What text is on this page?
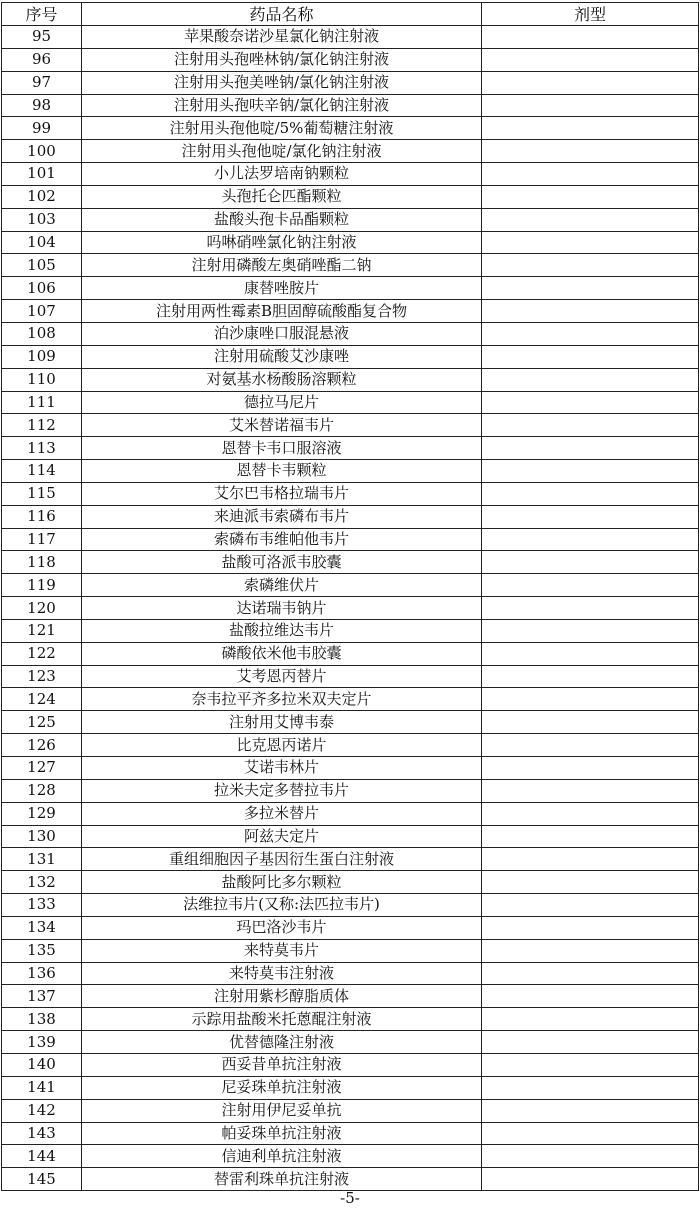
序号	药品名称	剂型
95	苹果酸奈诺沙星氯化钠注射液	
96	注射用头孢唑林钠/氯化钠注射液	
97	注射用头孢美唑钠/氯化钠注射液	
98	注射用头孢呋辛钠/氯化钠注射液	
99	注射用头孢他啶/5%葡萄糖注射液	
100	注射用头孢他啶/氯化钠注射液	
101	小儿法罗培南钠颗粒	
102	头孢托仑匹酯颗粒	
103	盐酸头孢卡品酯颗粒	
104	吗啉硝唑氯化钠注射液	
105	注射用磷酸左奥硝唑酯二钠	
106	康替唑胺片	
107	注射用两性霉素B胆固醇硫酸酯复合物	
108	泊沙康唑口服混悬液	
109	注射用硫酸艾沙康唑	
110	对氨基水杨酸肠溶颗粒	
111	德拉马尼片	
112	艾米替诺福韦片	
113	恩替卡韦口服溶液	
114	恩替卡韦颗粒	
115	艾尔巴韦格拉瑞韦片	
116	来迪派韦索磷布韦片	
117	索磷布韦维帕他韦片	
118	盐酸可洛派韦胶囊	
119	索磷维伏片	
120	达诺瑞韦钠片	
121	盐酸拉维达韦片	
122	磷酸依米他韦胶囊	
123	艾考恩丙替片	
124	奈韦拉平齐多拉米双夫定片	
125	注射用艾博韦泰	
126	比克恩丙诺片	
127	艾诺韦林片	
128	拉米夫定多替拉韦片	
129	多拉米替片	
130	阿兹夫定片	
131	重组细胞因子基因衍生蛋白注射液	
132	盐酸阿比多尔颗粒	
133	法维拉韦片(又称:法匹拉韦片)	
134	玛巴洛沙韦片	
135	来特莫韦片	
136	来特莫韦注射液	
137	注射用紫杉醇脂质体	
138	示踪用盐酸米托蒽醌注射液	
139	优替德隆注射液	
140	西妥昔单抗注射液	
141	尼妥珠单抗注射液	
142	注射用伊尼妥单抗	
143	帕妥珠单抗注射液	
144	信迪利单抗注射液	
145	替雷利珠单抗注射液	
-5-
